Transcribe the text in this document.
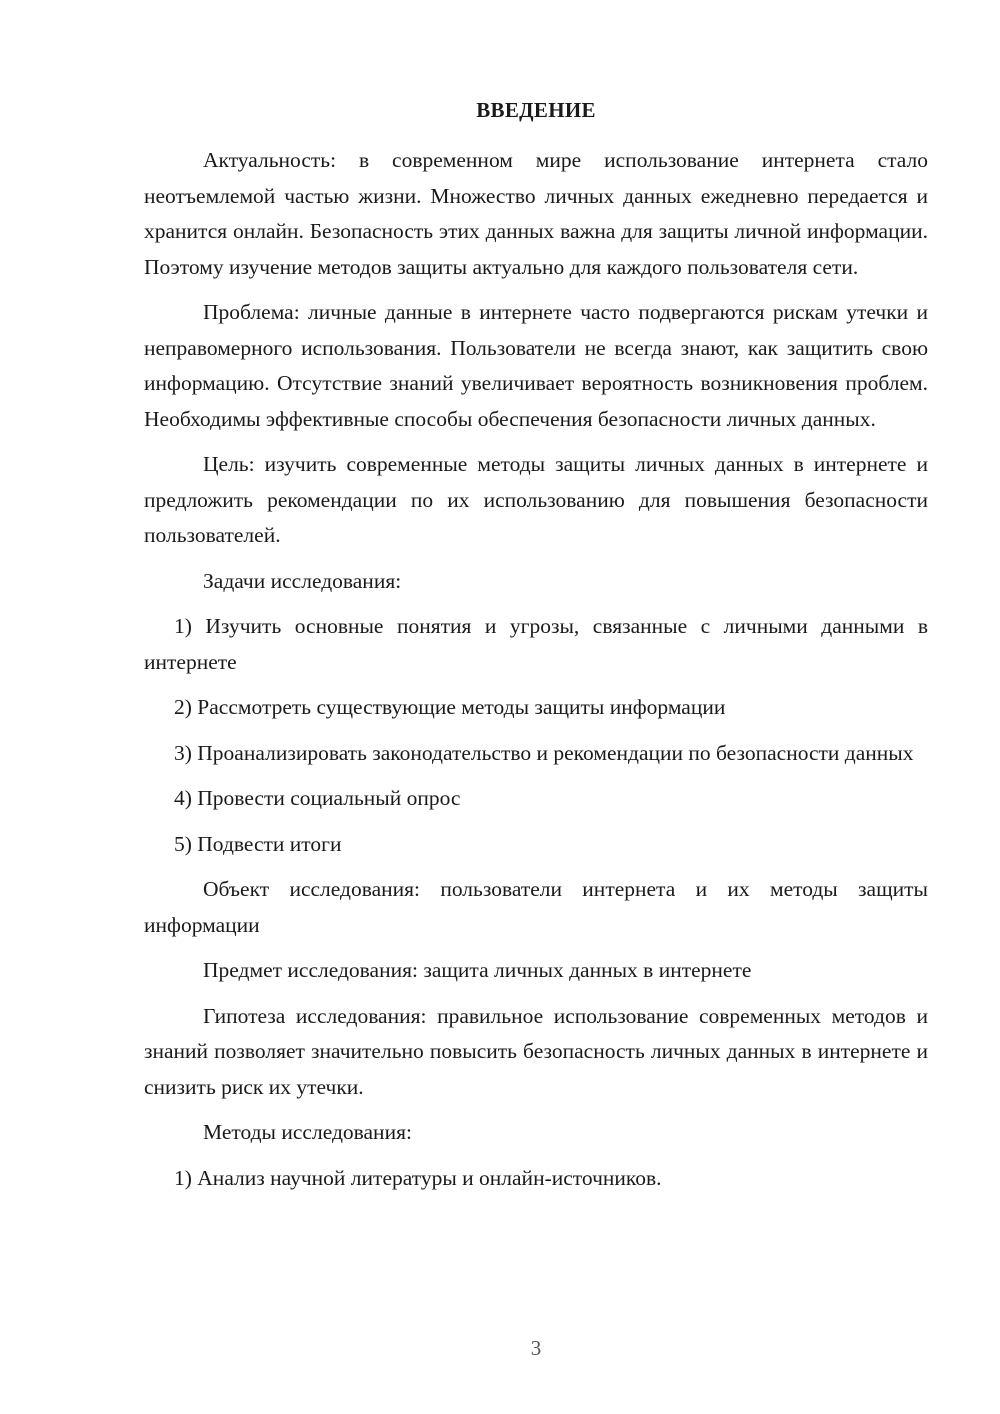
ВВЕДЕНИЕ

Актуальность: в современном мире использование интернета стало неотъемлемой частью жизни. Множество личных данных ежедневно передается и хранится онлайн. Безопасность этих данных важна для защиты личной информации. Поэтому изучение методов защиты актуально для каждого пользователя сети.

Проблема: личные данные в интернете часто подвергаются рискам утечки и неправомерного использования. Пользователи не всегда знают, как защитить свою информацию. Отсутствие знаний увеличивает вероятность возникновения проблем. Необходимы эффективные способы обеспечения безопасности личных данных.

Цель: изучить современные методы защиты личных данных в интернете и предложить рекомендации по их использованию для повышения безопасности пользователей.

Задачи исследования:

1) Изучить основные понятия и угрозы, связанные с личными данными в интернете

2) Рассмотреть существующие методы защиты информации

3) Проанализировать законодательство и рекомендации по безопасности данных

4) Провести социальный опрос

5) Подвести итоги

Объект исследования: пользователи интернета и их методы защиты информации

Предмет исследования: защита личных данных в интернете

Гипотеза исследования: правильное использование современных методов и знаний позволяет значительно повысить безопасность личных данных в интернете и снизить риск их утечки.

Методы исследования:

1) Анализ научной литературы и онлайн-источников.

3
